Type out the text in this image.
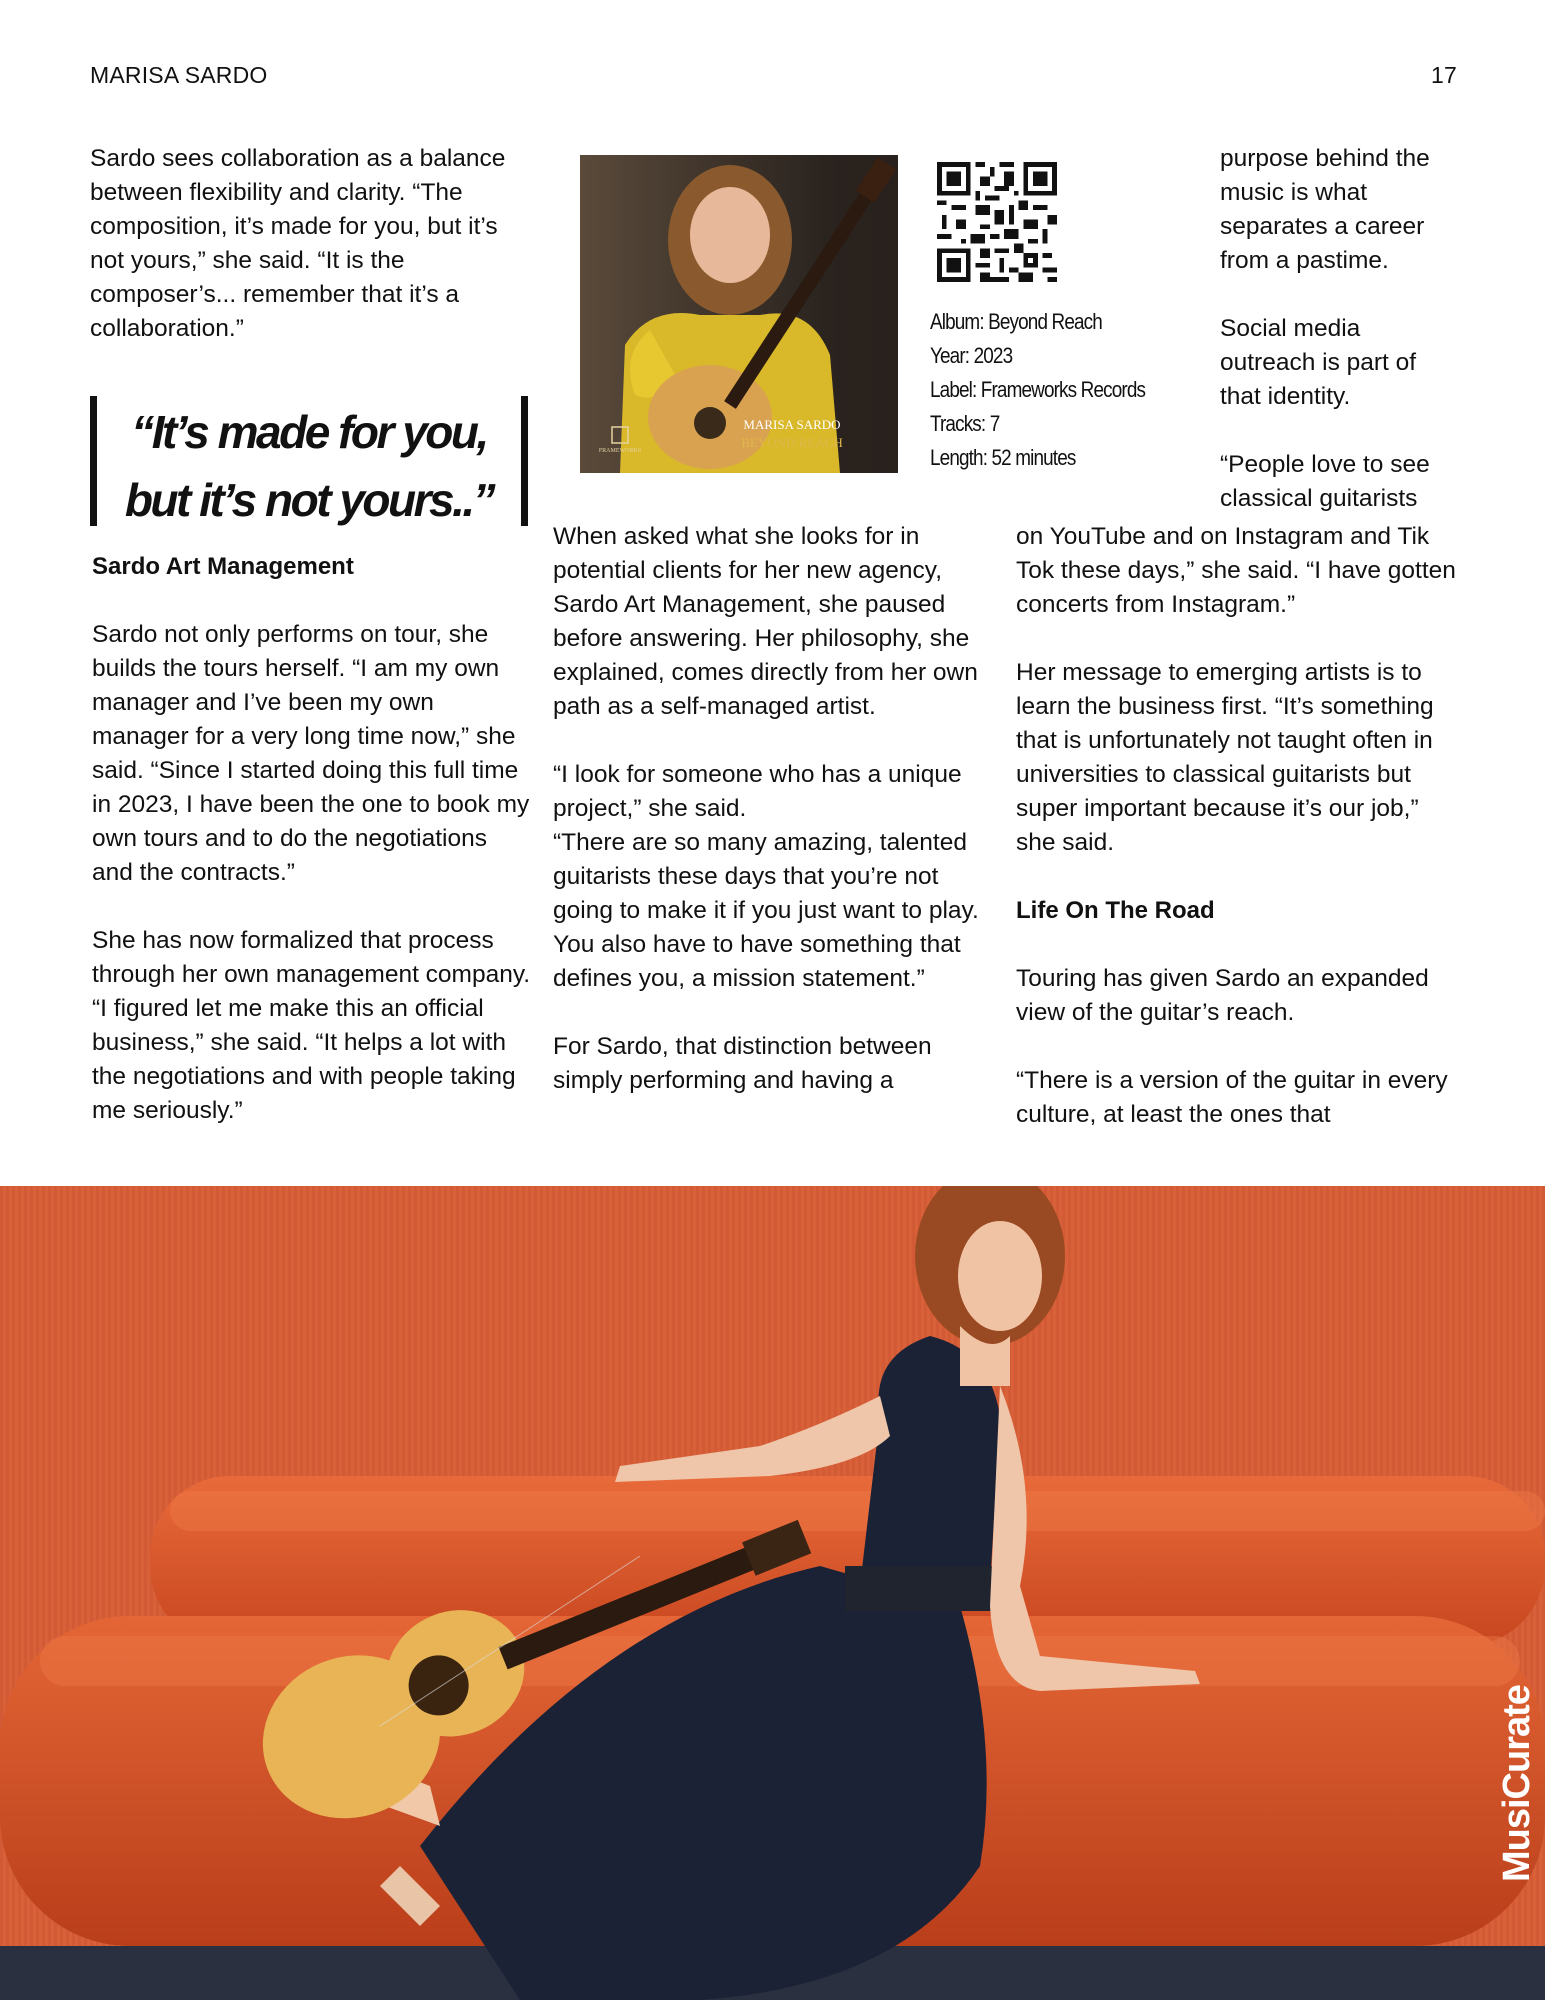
MARISA SARDO	17

Sardo sees collaboration as a balance between flexibility and clarity. “The composition, it’s made for you, but it’s not yours,” she said. “It is the composer’s... remember that it’s a collaboration.”

“It’s made for you,
but it’s not yours..”
Sardo Art Management

Sardo not only performs on tour, she builds the tours herself. “I am my own manager and I’ve been my own manager for a very long time now,” she said. “Since I started doing this full time in 2023, I have been the one to book my own tours and to do the negotiations and the contracts.”

She has now formalized that process through her own management company. “I figured let me make this an official business,” she said. “It helps a lot with the negotiations and with people taking me seriously.”

MARISA SARDO
BEYOND REACH
FRAMEWORKS
Album: Beyond Reach
Year: 2023
Label: Frameworks Records
Tracks: 7
Length: 52 minutes

When asked what she looks for in potential clients for her new agency, Sardo Art Management, she paused before answering. Her philosophy, she explained, comes directly from her own path as a self-managed artist.

“I look for someone who has a unique project,” she said.
“There are so many amazing, talented guitarists these days that you’re not going to make it if you just want to play. You also have to have something that defines you, a mission statement.”

For Sardo, that distinction between simply performing and having a

purpose behind the music is what separates a career from a pastime.

Social media outreach is part of that identity.

“People love to see
classical guitarists

on YouTube and on Instagram and Tik Tok these days,” she said. “I have gotten concerts from Instagram.”

Her message to emerging artists is to learn the business first. “It’s something that is unfortunately not taught often in universities to classical guitarists but super important because it’s our job,” she said.

Life On The Road

Touring has given Sardo an expanded view of the guitar’s reach.

“There is a version of the guitar in every culture, at least the ones that

MusiCurate
